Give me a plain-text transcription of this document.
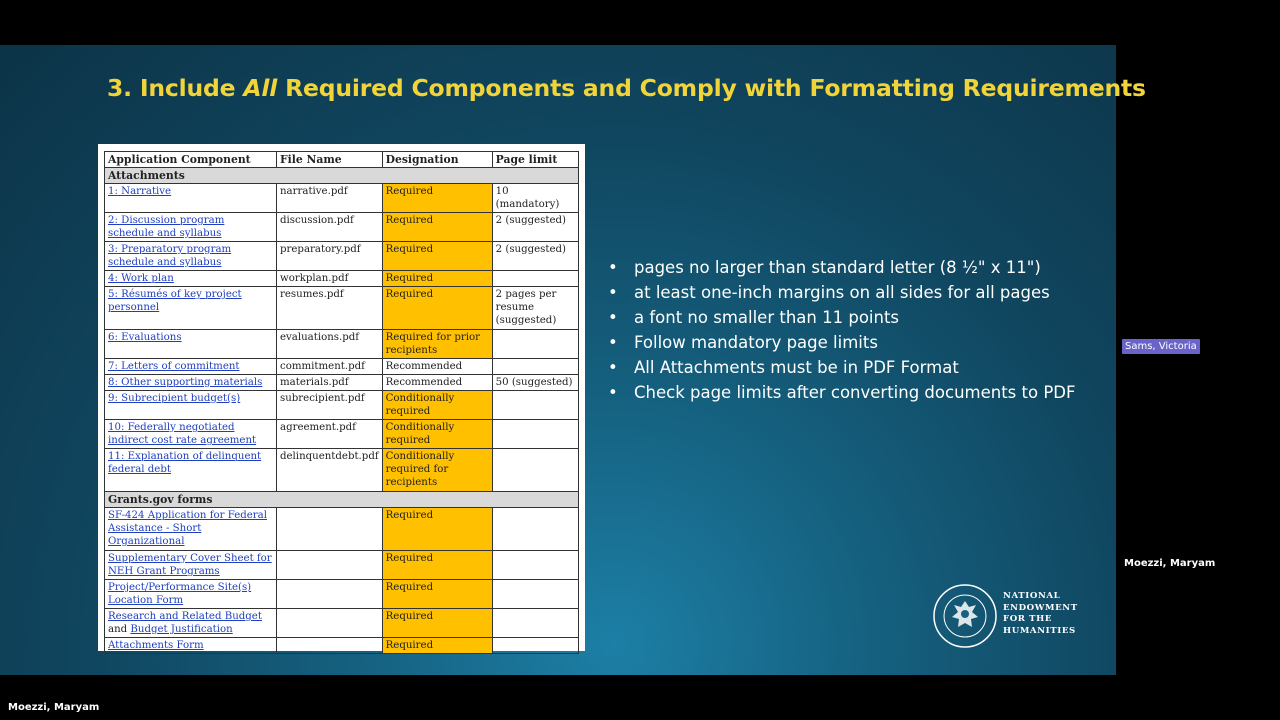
3. Include All Required Components and Comply with Formatting Requirements
Application Component	File Name	Designation	Page limit
Attachments			
1: Narrative	narrative.pdf	Required	10 (mandatory)
2: Discussion program schedule and syllabus	discussion.pdf	Required	2 (suggested)
3: Preparatory program schedule and syllabus	preparatory.pdf	Required	2 (suggested)
4: Work plan	workplan.pdf	Required	
5: Résumés of key project personnel	resumes.pdf	Required	2 pages per resume (suggested)
6: Evaluations	evaluations.pdf	Required for prior recipients	
7: Letters of commitment	commitment.pdf	Recommended	
8: Other supporting materials	materials.pdf	Recommended	50 (suggested)
9: Subrecipient budget(s)	subrecipient.pdf	Conditionally required	
10: Federally negotiated indirect cost rate agreement	agreement.pdf	Conditionally required	
11: Explanation of delinquent federal debt	delinquentdebt.pdf	Conditionally required for recipients	
Grants.gov forms			
SF-424 Application for Federal Assistance - Short Organizational		Required	
Supplementary Cover Sheet for NEH Grant Programs		Required	
Project/Performance Site(s) Location Form		Required	
Research and Related Budget and Budget Justification		Required	
Attachments Form		Required	
• pages no larger than standard letter (8 ½" x 11")
• at least one-inch margins on all sides for all pages
• a font no smaller than 11 points
• Follow mandatory page limits
• All Attachments must be in PDF Format
• Check page limits after converting documents to PDF
NATIONAL
ENDOWMENT
FOR THE
HUMANITIES
Sams, Victoria
Moezzi, Maryam
Moezzi, Maryam
